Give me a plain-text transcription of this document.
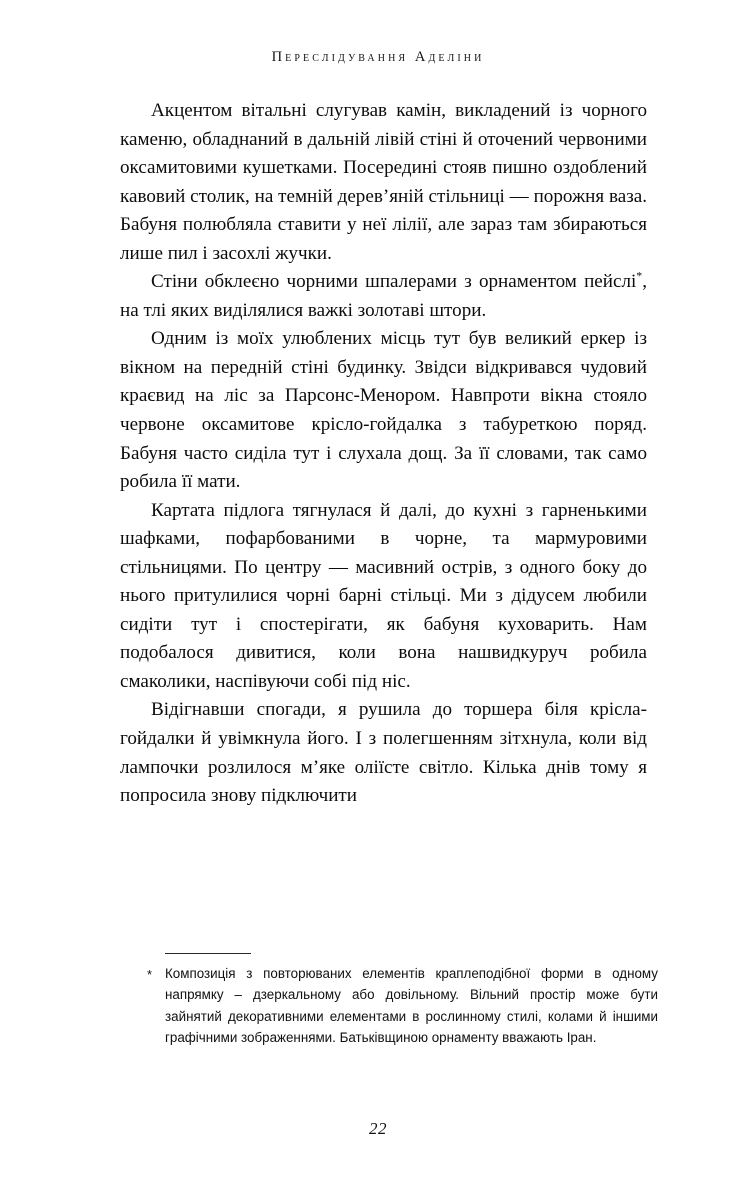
Переслідування Аделіни

Акцентом вітальні слугував камін, викладений із чорного каменю, обладнаний в дальній лівій стіні й оточений червоними оксамитовими кушетками. Посередині стояв пишно оздоблений кавовий столик, на темній дерев’яній стільниці — порожня ваза. Бабуня полюбляла ставити у неї лілії, але зараз там збираються лише пил і засохлі жучки.

Стіни обклеєно чорними шпалерами з орнаментом пейслі*, на тлі яких виділялися важкі золотаві штори.

Одним із моїх улюблених місць тут був великий еркер із вікном на передній стіні будинку. Звідси відкривався чудовий краєвид на ліс за Парсонс-Менором. Навпроти вікна стояло червоне оксамитове крісло-гойдалка з табуреткою поряд. Бабуня часто сиділа тут і слухала дощ. За її словами, так само робила її мати.

Картата підлога тягнулася й далі, до кухні з гарненькими шафками, пофарбованими в чорне, та мармуровими стільницями. По центру — масивний острів, з одного боку до нього притулилися чорні барні стільці. Ми з дідусем любили сидіти тут і спостерігати, як бабуня куховарить. Нам подобалося дивитися, коли вона нашвидкуруч робила смаколики, наспівуючи собі під ніс.

Відігнавши спогади, я рушила до торшера біля крісла-гойдалки й увімкнула його. І з полегшенням зітхнула, коли від лампочки розлилося м’яке оліїсте світло. Кілька днів тому я попросила знову підключити

* Композиція з повторюваних елементів краплеподібної форми в одному напрямку – дзеркальному або довільному. Вільний простір може бути зайнятий декоративними елементами в рослинному стилі, колами й іншими графічними зображеннями. Батьківщиною орнаменту вважають Іран.

22
